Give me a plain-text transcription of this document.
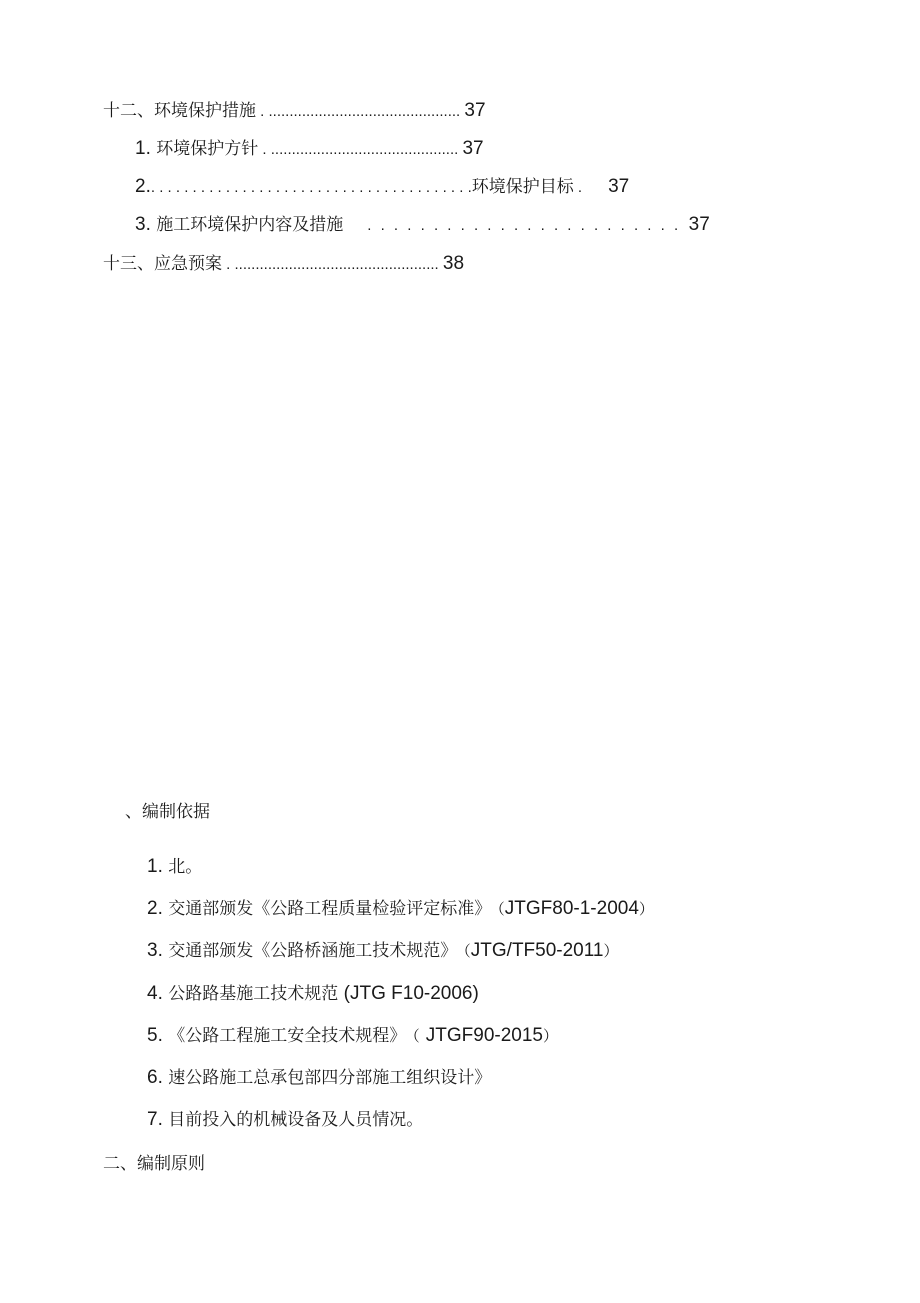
十二、环境保护措施 . .............................................. 37
1. 环境保护方针 . ............................................. 37
2.. . . . . . . . . . . . . . . . . . . . . . . . . . . . . . . . . . . . . . .环境保护目标 . 37
3. 施工环境保护内容及措施 . . . . . . . . . . . . . . . . . . . . . . . . 37
十三、应急预案 . ................................................. 38
、编制依据
1. 北。
2. 交通部颁发《公路工程质量检验评定标准》 （JTGF80-1-2004）
3. 交通部颁发《公路桥涵施工技术规范》 （JTG/TF50-2011）
4. 公路路基施工技术规范 (JTG F10-2006)
5. 《公路工程施工安全技术规程》 （ JTGF90-2015）
6. 速公路施工总承包部四分部施工组织设计》
7. 目前投入的机械设备及人员情况。
二、编制原则
